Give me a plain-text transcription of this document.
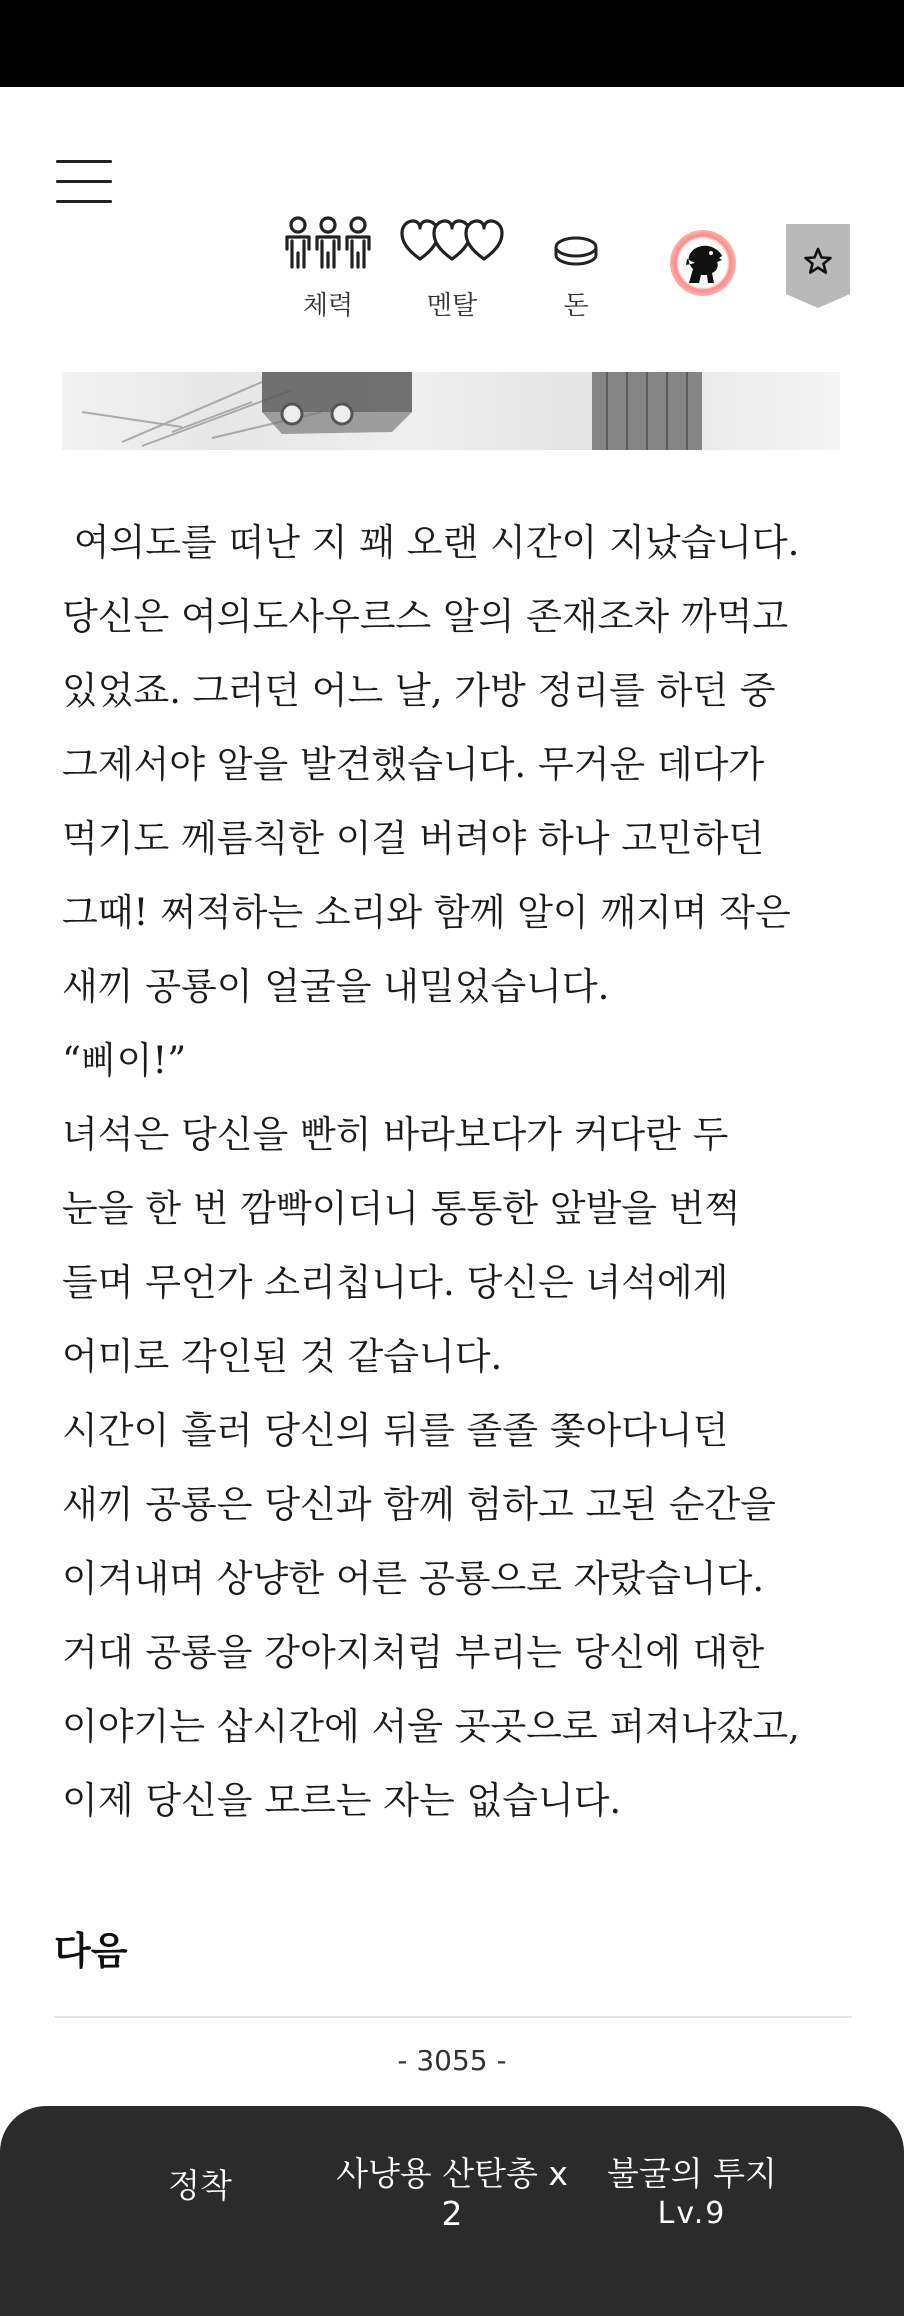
체력	멘탈	돈

여의도를 떠난 지 꽤 오랜 시간이 지났습니다.

당신은 여의도사우르스 알의 존재조차 까먹고

있었죠. 그러던 어느 날, 가방 정리를 하던 중

그제서야 알을 발견했습니다. 무거운 데다가

먹기도 께름칙한 이걸 버려야 하나 고민하던

그때! 쩌적하는 소리와 함께 알이 깨지며 작은

새끼 공룡이 얼굴을 내밀었습니다.

“삐이!”

녀석은 당신을 빤히 바라보다가 커다란 두

눈을 한 번 깜빡이더니 통통한 앞발을 번쩍

들며 무언가 소리칩니다. 당신은 녀석에게

어미로 각인된 것 같습니다.

시간이 흘러 당신의 뒤를 졸졸 쫓아다니던

새끼 공룡은 당신과 함께 험하고 고된 순간을

이겨내며 상냥한 어른 공룡으로 자랐습니다.

거대 공룡을 강아지처럼 부리는 당신에 대한

이야기는 삽시간에 서울 곳곳으로 퍼져나갔고,

이제 당신을 모르는 자는 없습니다.

다음
- 3055 -
정착	사냥용 산탄총 x
2
불굴의 투지
Lv.9
